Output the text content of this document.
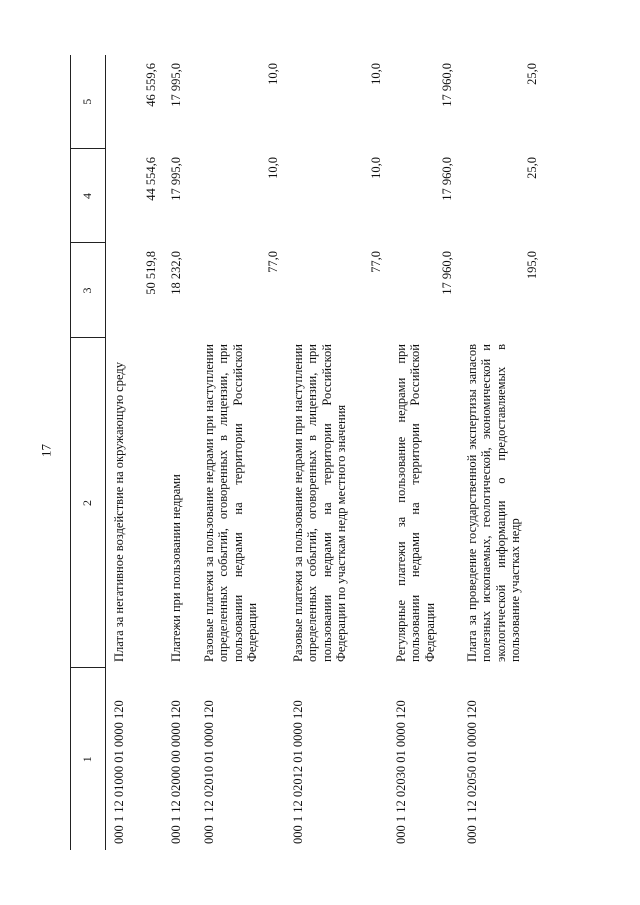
17
1	2	3	4	5
000 1 12 01000 01 0000 120	Плата за негативное воздействие на окружающую среду	50 519,8	44 554,6	46 559,6
000 1 12 02000 00 0000 120	Платежи при пользовании недрами	18 232,0	17 995,0	17 995,0
000 1 12 02010 01 0000 120	Разовые платежи за пользование недрами при наступлении определенных событий, оговоренных в лицензии, при пользовании недрами на территории Российской Федерации	77,0	10,0	10,0
000 1 12 02012 01 0000 120	Разовые платежи за пользование недрами при наступлении определенных событий, оговоренных в лицензии, при пользовании недрами на территории Российской Федерации по участкам недр местного значения	77,0	10,0	10,0
000 1 12 02030 01 0000 120	Регулярные платежи за пользование недрами при пользовании недрами на территории Российской Федерации	17 960,0	17 960,0	17 960,0
000 1 12 02050 01 0000 120	Плата за проведение государственной экспертизы запасов полезных ископаемых, геологической, экономической и экологической информации о предоставляемых в пользование участках недр	195,0	25,0	25,0
